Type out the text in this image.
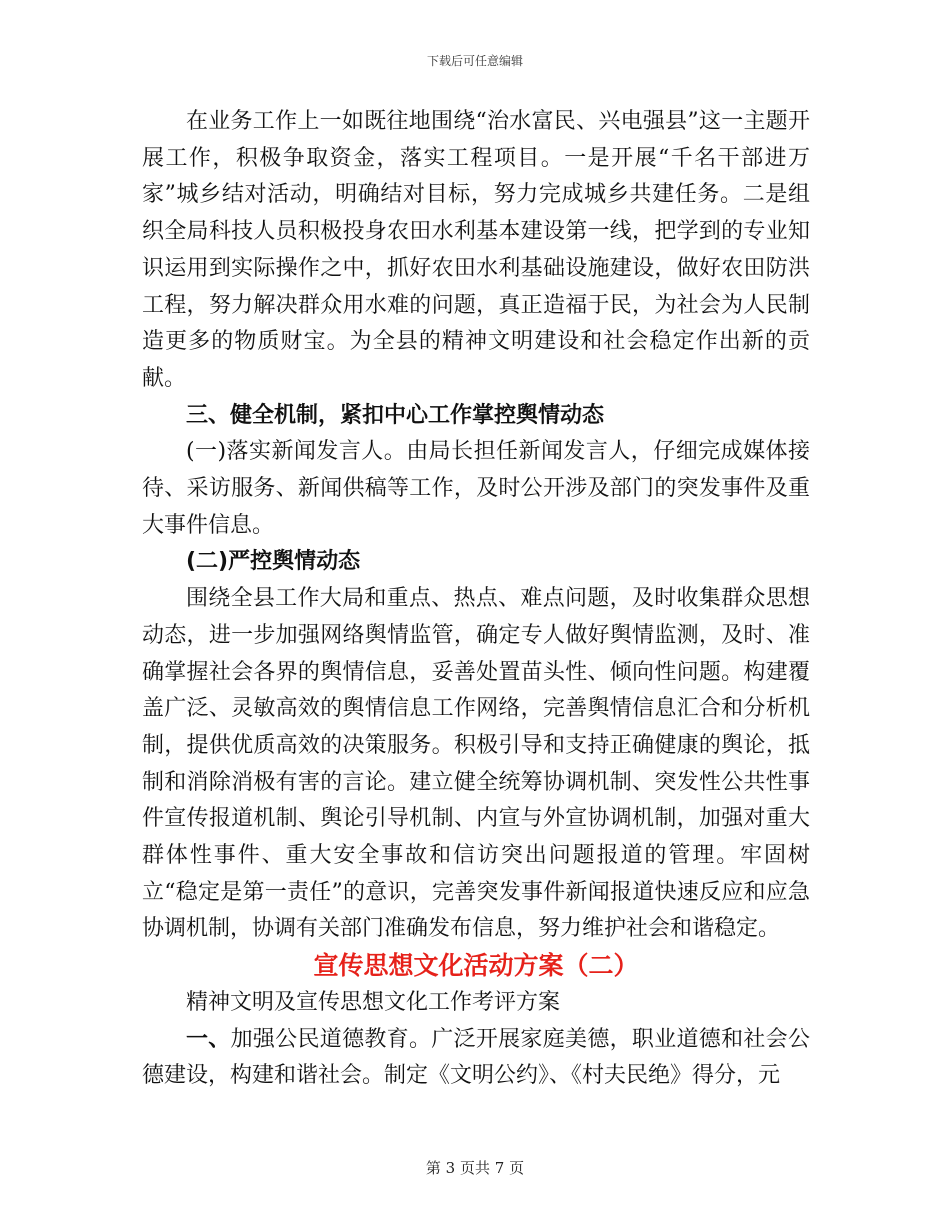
下载后可任意编辑

在业务工作上一如既往地围绕“治水富民、兴电强县”这一主题开展工作，积极争取资金，落实工程项目。一是开展“千名干部进万家”城乡结对活动，明确结对目标，努力完成城乡共建任务。二是组织全局科技人员积极投身农田水利基本建设第一线，把学到的专业知识运用到实际操作之中，抓好农田水利基础设施建设，做好农田防洪工程，努力解决群众用水难的问题，真正造福于民，为社会为人民制造更多的物质财宝。为全县的精神文明建设和社会稳定作出新的贡献。

三、健全机制，紧扣中心工作掌控舆情动态

(一)落实新闻发言人。由局长担任新闻发言人，仔细完成媒体接待、采访服务、新闻供稿等工作，及时公开涉及部门的突发事件及重大事件信息。

(二)严控舆情动态

围绕全县工作大局和重点、热点、难点问题，及时收集群众思想动态，进一步加强网络舆情监管，确定专人做好舆情监测，及时、准确掌握社会各界的舆情信息，妥善处置苗头性、倾向性问题。构建覆盖广泛、灵敏高效的舆情信息工作网络，完善舆情信息汇合和分析机制，提供优质高效的决策服务。积极引导和支持正确健康的舆论，抵制和消除消极有害的言论。建立健全统筹协调机制、突发性公共性事件宣传报道机制、舆论引导机制、内宣与外宣协调机制，加强对重大群体性事件、重大安全事故和信访突出问题报道的管理。牢固树立“稳定是第一责任”的意识，完善突发事件新闻报道快速反应和应急协调机制，协调有关部门准确发布信息，努力维护社会和谐稳定。

宣传思想文化活动方案（二）

精神文明及宣传思想文化工作考评方案

一、加强公民道德教育。广泛开展家庭美德，职业道德和社会公德建设，构建和谐社会。制定《文明公约》、《村夫民绝》得分，元

第 3 页共 7 页
